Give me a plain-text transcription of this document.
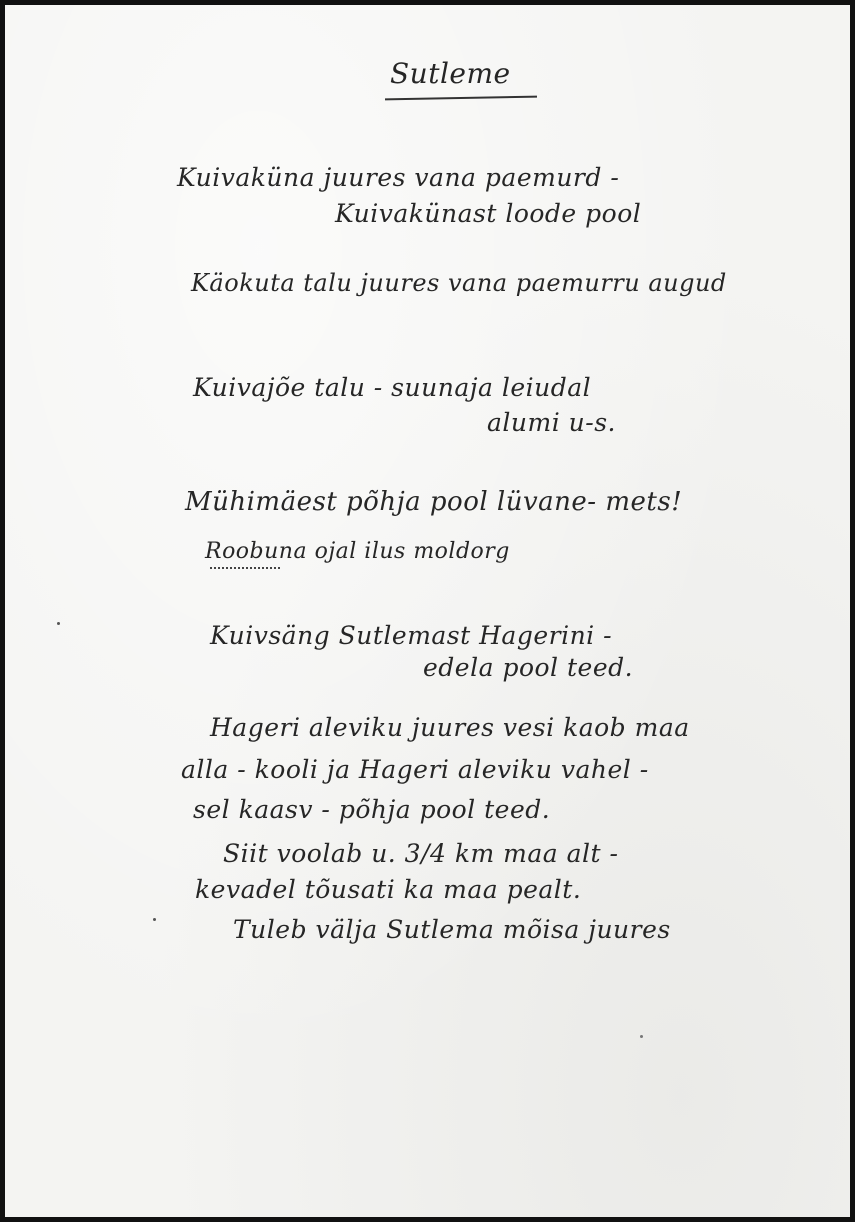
Sutleme
Kuivaküna juures vana paemurd -
Kuivakünast loode pool
Käokuta talu juures vana paemurru augud
Kuivajõe talu - suunaja leiudal
alumi u-s.
Mühimäest põhja pool lüvane- mets!
Roobuna ojal ilus moldorg
Kuivsäng Sutlemast Hagerini -
edela pool teed.
Hageri aleviku juures vesi kaob maa
alla - kooli ja Hageri aleviku vahel -
sel kaasv - põhja pool teed.
Siit voolab u. 3/4 km maa alt -
kevadel tõusati ka maa pealt.
Tuleb välja Sutlema mõisa juures
